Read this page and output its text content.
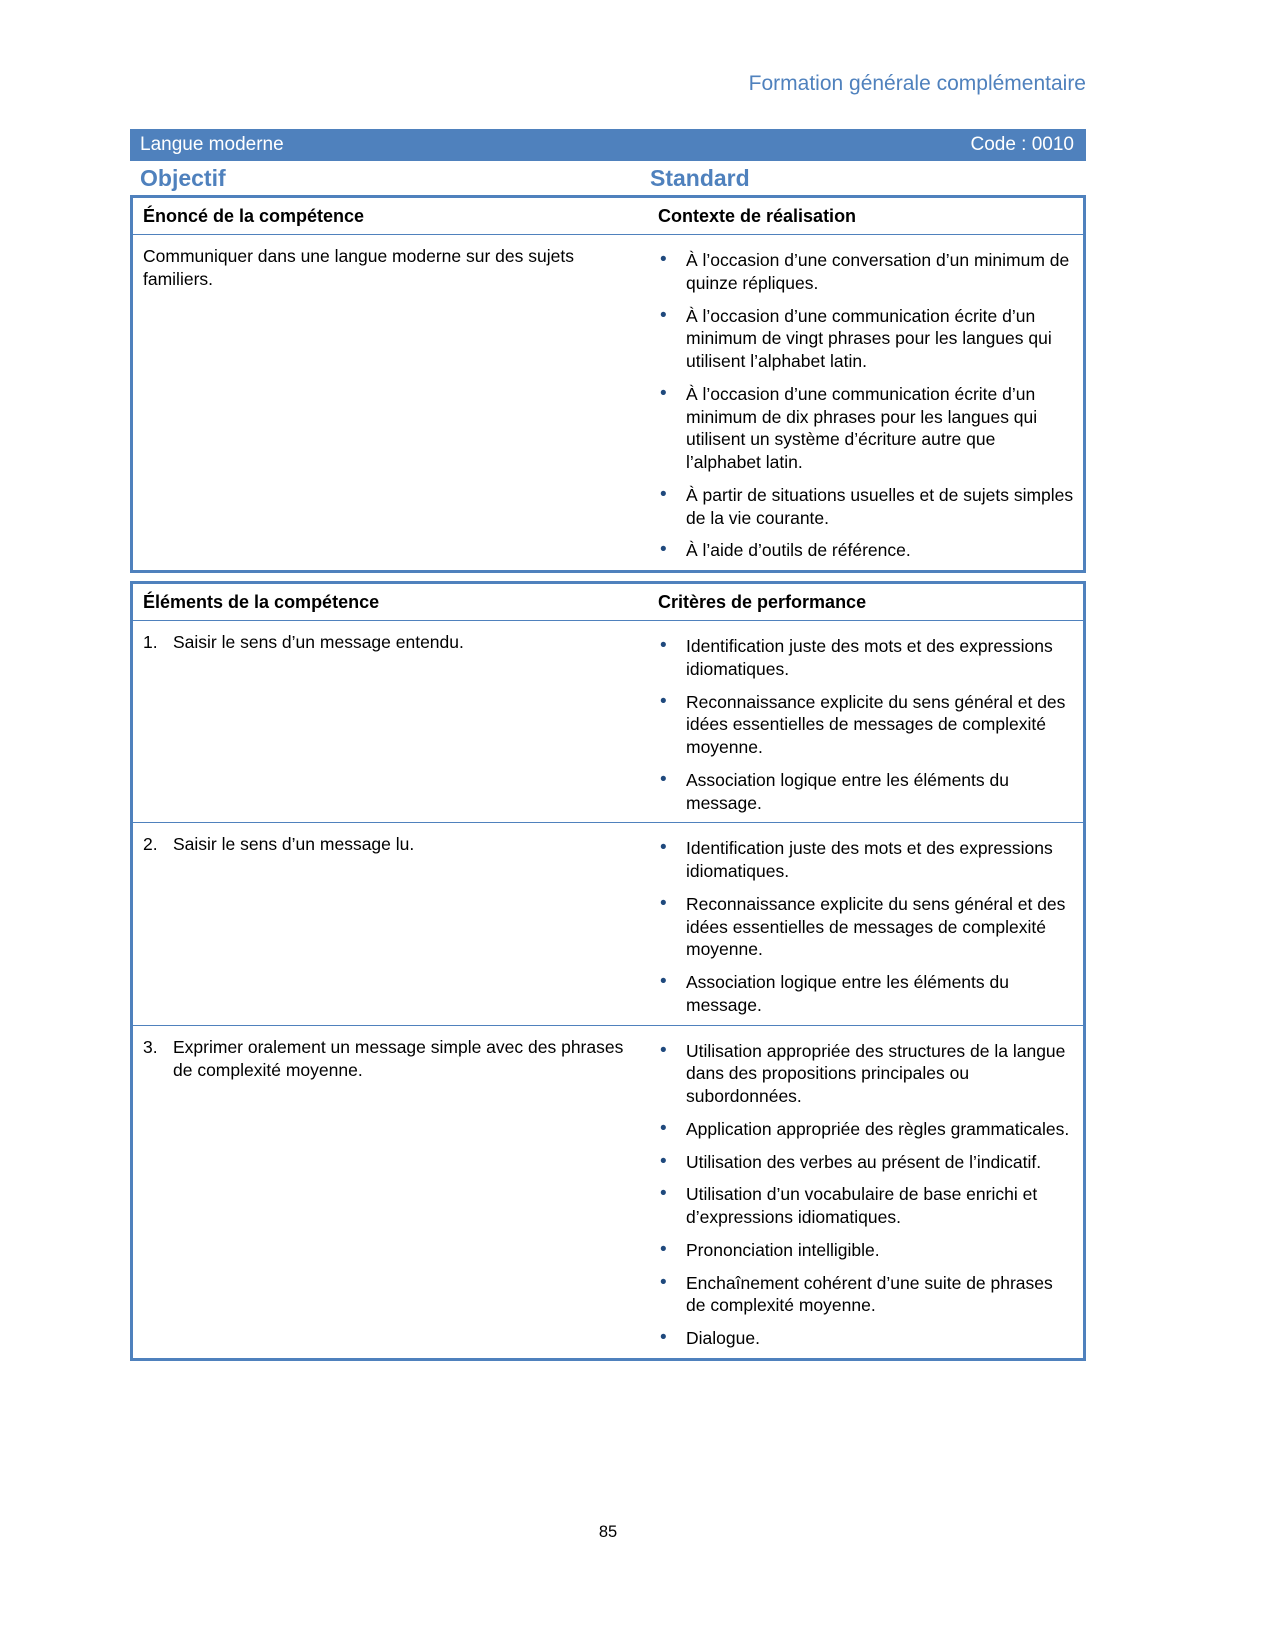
Formation générale complémentaire
Langue moderne	Code : 0010
Objectif	Standard
Énoncé de la compétence	Contexte de réalisation
Communiquer dans une langue moderne sur des sujets familiers.
• À l’occasion d’une conversation d’un minimum de quinze répliques.
• À l’occasion d’une communication écrite d’un minimum de vingt phrases pour les langues qui utilisent l’alphabet latin.
• À l’occasion d’une communication écrite d’un minimum de dix phrases pour les langues qui utilisent un système d’écriture autre que l’alphabet latin.
• À partir de situations usuelles et de sujets simples de la vie courante.
• À l’aide d’outils de référence.
Éléments de la compétence	Critères de performance
1. Saisir le sens d’un message entendu.	• Identification juste des mots et des expressions idiomatiques.
• Reconnaissance explicite du sens général et des idées essentielles de messages de complexité moyenne.
• Association logique entre les éléments du message.
2. Saisir le sens d’un message lu.	• Identification juste des mots et des expressions idiomatiques.
• Reconnaissance explicite du sens général et des idées essentielles de messages de complexité moyenne.
• Association logique entre les éléments du message.
3. Exprimer oralement un message simple avec des phrases de complexité moyenne.
• Utilisation appropriée des structures de la langue dans des propositions principales ou subordonnées.
• Application appropriée des règles grammaticales.
• Utilisation des verbes au présent de l’indicatif.
• Utilisation d’un vocabulaire de base enrichi et d’expressions idiomatiques.
• Prononciation intelligible.
• Enchaînement cohérent d’une suite de phrases de complexité moyenne.
• Dialogue.
85
